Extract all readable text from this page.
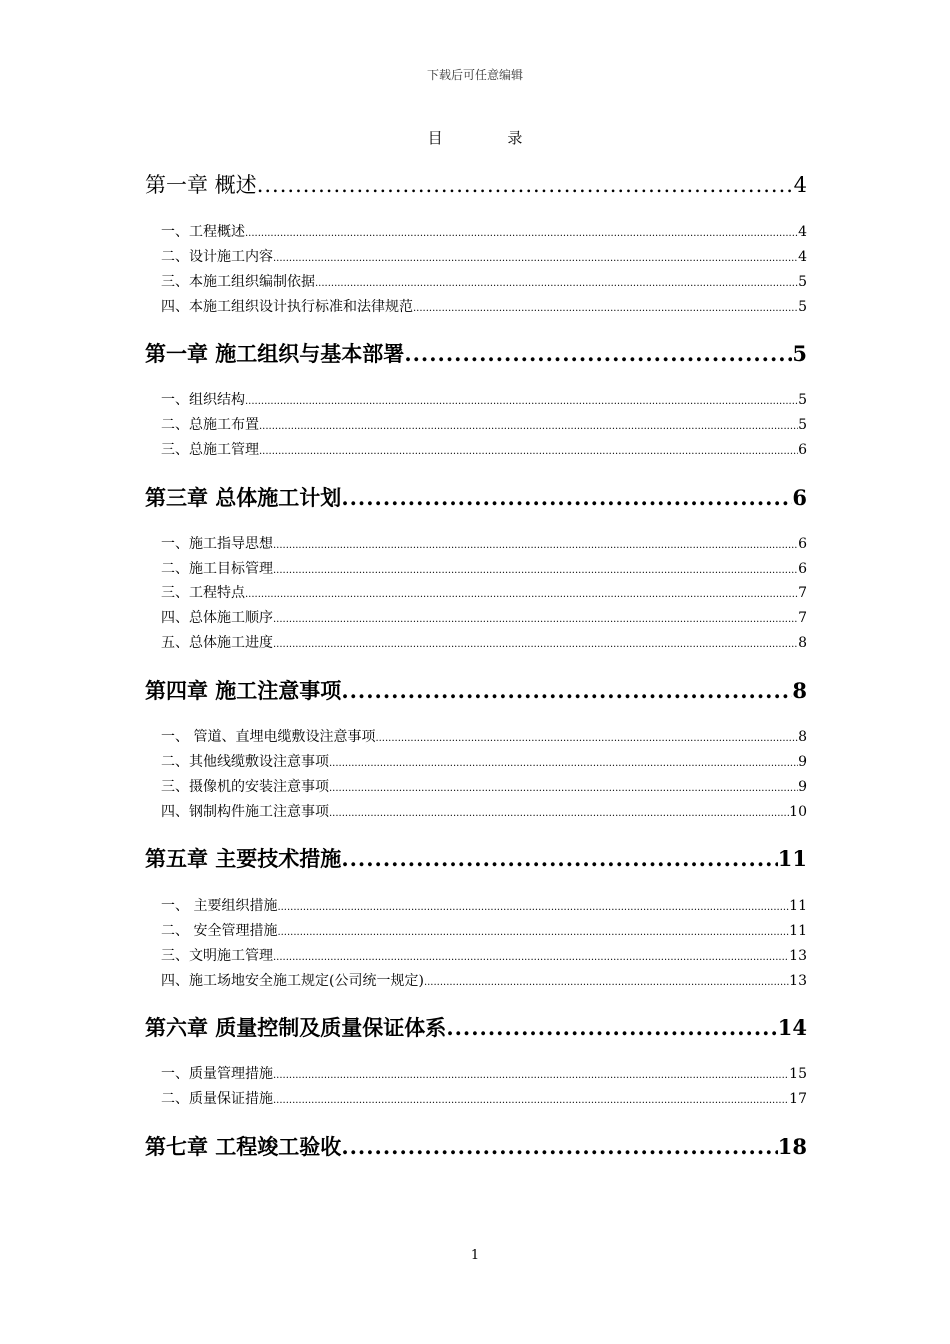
下载后可任意编辑
目 录
第一章 概述 .....	4
一、工程概述 .....	4
二、设计施工内容 .....	4
三、本施工组织编制依据 .....	5
四、本施工组织设计执行标准和法律规范 .....	5
第一章 施工组织与基本部署 .....	5
一、组织结构 .....	5
二、总施工布置 .....	5
三、总施工管理 .....	6
第三章 总体施工计划 .....	6
一、施工指导思想 .....	6
二、施工目标管理 .....	6
三、工程特点 .....	7
四、总体施工顺序 .....	7
五、总体施工进度 .....	8
第四章 施工注意事项 .....	8
一、 管道、直埋电缆敷设注意事项 .....	8
二、其他线缆敷设注意事项 .....	9
三、摄像机的安装注意事项 .....	9
四、钢制构件施工注意事项 .....	10
第五章 主要技术措施 .....	11
一、 主要组织措施 .....	11
二、 安全管理措施 .....	11
三、文明施工管理 .....	13
四、施工场地安全施工规定(公司统一规定) .....	13
第六章 质量控制及质量保证体系 .....	14
一、质量管理措施 .....	15
二、质量保证措施 .....	17
第七章 工程竣工验收 .....	18
1
